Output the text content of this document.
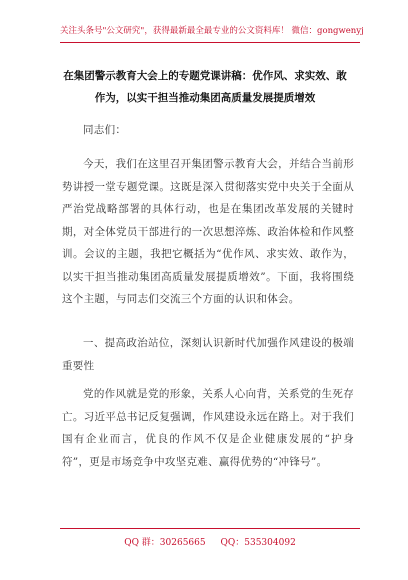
关注头条号"公文研究"，获得最新最全最专业的公文资料库！ 微信：gongwenyj
在集团警示教育大会上的专题党课讲稿：优作风、求实效、敢作为，以实干担当推动集团高质量发展提质增效

同志们：

今天，我们在这里召开集团警示教育大会，并结合当前形势讲授一堂专题党课。这既是深入贯彻落实党中央关于全面从严治党战略部署的具体行动，也是在集团改革发展的关键时期，对全体党员干部进行的一次思想淬炼、政治体检和作风整训。会议的主题，我把它概括为“优作风、求实效、敢作为，以实干担当推动集团高质量发展提质增效”。下面，我将围绕这个主题，与同志们交流三个方面的认识和体会。

一、提高政治站位，深刻认识新时代加强作风建设的极端重要性

党的作风就是党的形象，关系人心向背，关系党的生死存亡。习近平总书记反复强调，作风建设永远在路上。对于我们国有企业而言，优良的作风不仅是企业健康发展的“护身符”，更是市场竞争中攻坚克难、赢得优势的“冲锋号”。

QQ 群：30265665 QQ：535304092
